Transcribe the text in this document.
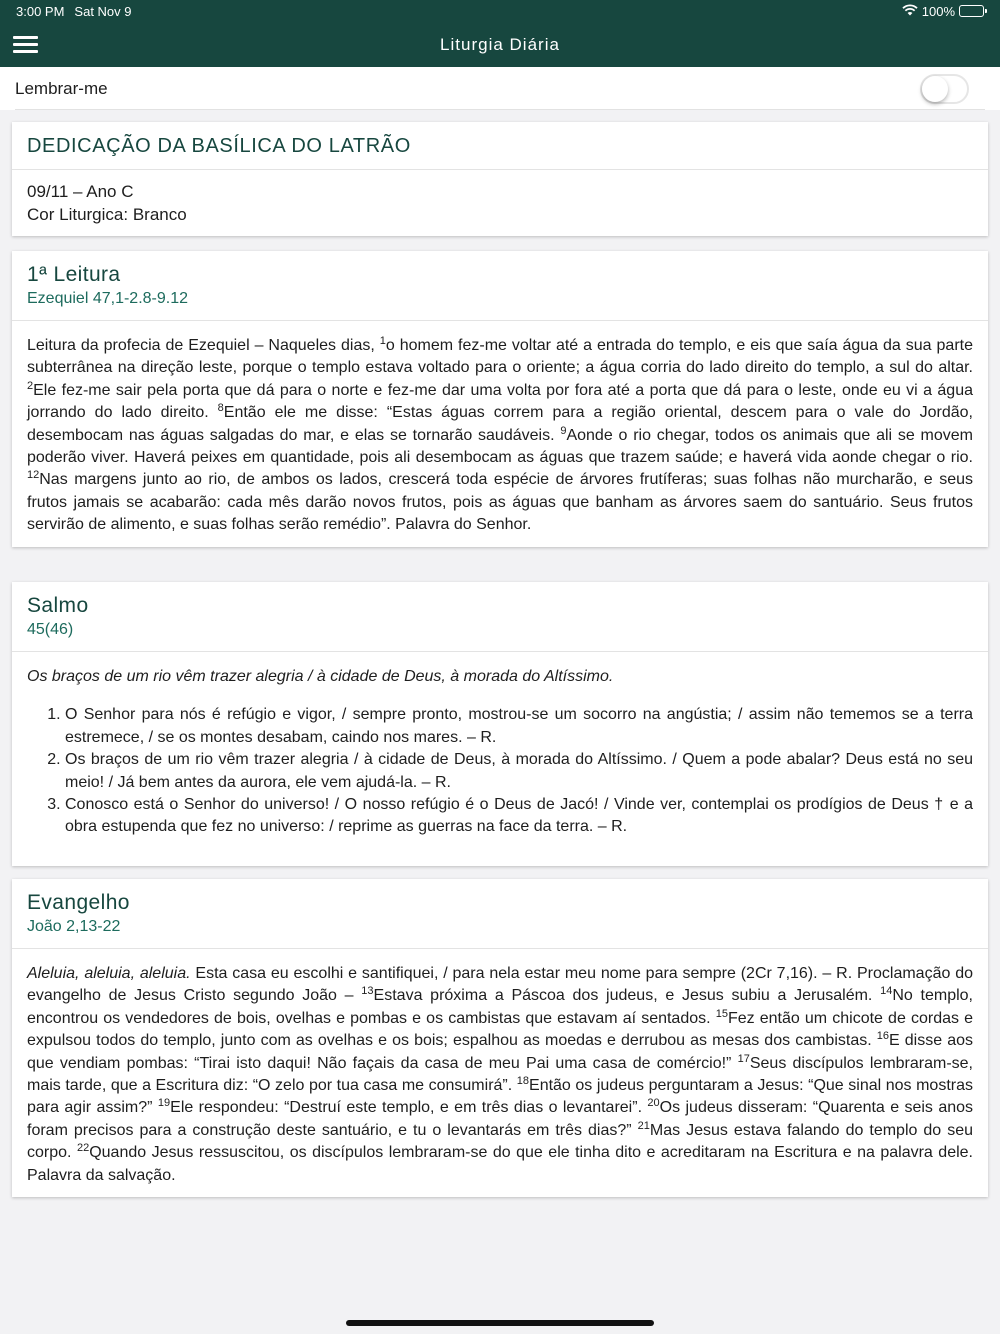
3:00 PM Sat Nov 9	100%
Liturgia Diária
Lembrar-me
DEDICAÇÃO DA BASÍLICA DO LATRÃO
09/11 – Ano C
Cor Liturgica: Branco
1ª Leitura
Ezequiel 47,1-2.8-9.12
Leitura da profecia de Ezequiel – Naqueles dias, $^1$o homem fez-me voltar até a entrada do templo, e eis que saía água da sua parte subterrânea na direção leste, porque o templo estava voltado para o oriente; a água corria do lado direito do templo, a sul do altar. $^2$Ele fez-me sair pela porta que dá para o norte e fez-me dar uma volta por fora até a porta que dá para o leste, onde eu vi a água jorrando do lado direito. $^8$Então ele me disse: “Estas águas correm para a região oriental, descem para o vale do Jordão, desembocam nas águas salgadas do mar, e elas se tornarão saudáveis. $^9$Aonde o rio chegar, todos os animais que ali se movem poderão viver. Haverá peixes em quantidade, pois ali desembocam as águas que trazem saúde; e haverá vida aonde chegar o rio. $^{12}$Nas margens junto ao rio, de ambos os lados, crescerá toda espécie de árvores frutíferas; suas folhas não murcharão, e seus frutos jamais se acabarão: cada mês darão novos frutos, pois as águas que banham as árvores saem do santuário. Seus frutos servirão de alimento, e suas folhas serão remédio”. Palavra do Senhor.
Salmo
45(46)
Os braços de um rio vêm trazer alegria / à cidade de Deus, à morada do Altíssimo.
1. O Senhor para nós é refúgio e vigor, / sempre pronto, mostrou-se um socorro na angústia; / assim não tememos se a terra estremece, / se os montes desabam, caindo nos mares. – R.
2. Os braços de um rio vêm trazer alegria / à cidade de Deus, à morada do Altíssimo. / Quem a pode abalar? Deus está no seu meio! / Já bem antes da aurora, ele vem ajudá-la. – R.
3. Conosco está o Senhor do universo! / O nosso refúgio é o Deus de Jacó! / Vinde ver, contemplai os prodígios de Deus † e a obra estupenda que fez no universo: / reprime as guerras na face da terra. – R.
Evangelho
João 2,13-22
Aleluia, aleluia, aleluia. Esta casa eu escolhi e santifiquei, / para nela estar meu nome para sempre (2Cr 7,16). – R. Proclamação do evangelho de Jesus Cristo segundo João – $^{13}$Estava próxima a Páscoa dos judeus, e Jesus subiu a Jerusalém. $^{14}$No templo, encontrou os vendedores de bois, ovelhas e pombas e os cambistas que estavam aí sentados. $^{15}$Fez então um chicote de cordas e expulsou todos do templo, junto com as ovelhas e os bois; espalhou as moedas e derrubou as mesas dos cambistas. $^{16}$E disse aos que vendiam pombas: “Tirai isto daqui! Não façais da casa de meu Pai uma casa de comércio!” $^{17}$Seus discípulos lembraram-se, mais tarde, que a Escritura diz: “O zelo por tua casa me consumirá”. $^{18}$Então os judeus perguntaram a Jesus: “Que sinal nos mostras para agir assim?” $^{19}$Ele respondeu: “Destruí este templo, e em três dias o levantarei”. $^{20}$Os judeus disseram: “Quarenta e seis anos foram precisos para a construção deste santuário, e tu o levantarás em três dias?” $^{21}$Mas Jesus estava falando do templo do seu corpo. $^{22}$Quando Jesus ressuscitou, os discípulos lembraram-se do que ele tinha dito e acreditaram na Escritura e na palavra dele. Palavra da salvação.
